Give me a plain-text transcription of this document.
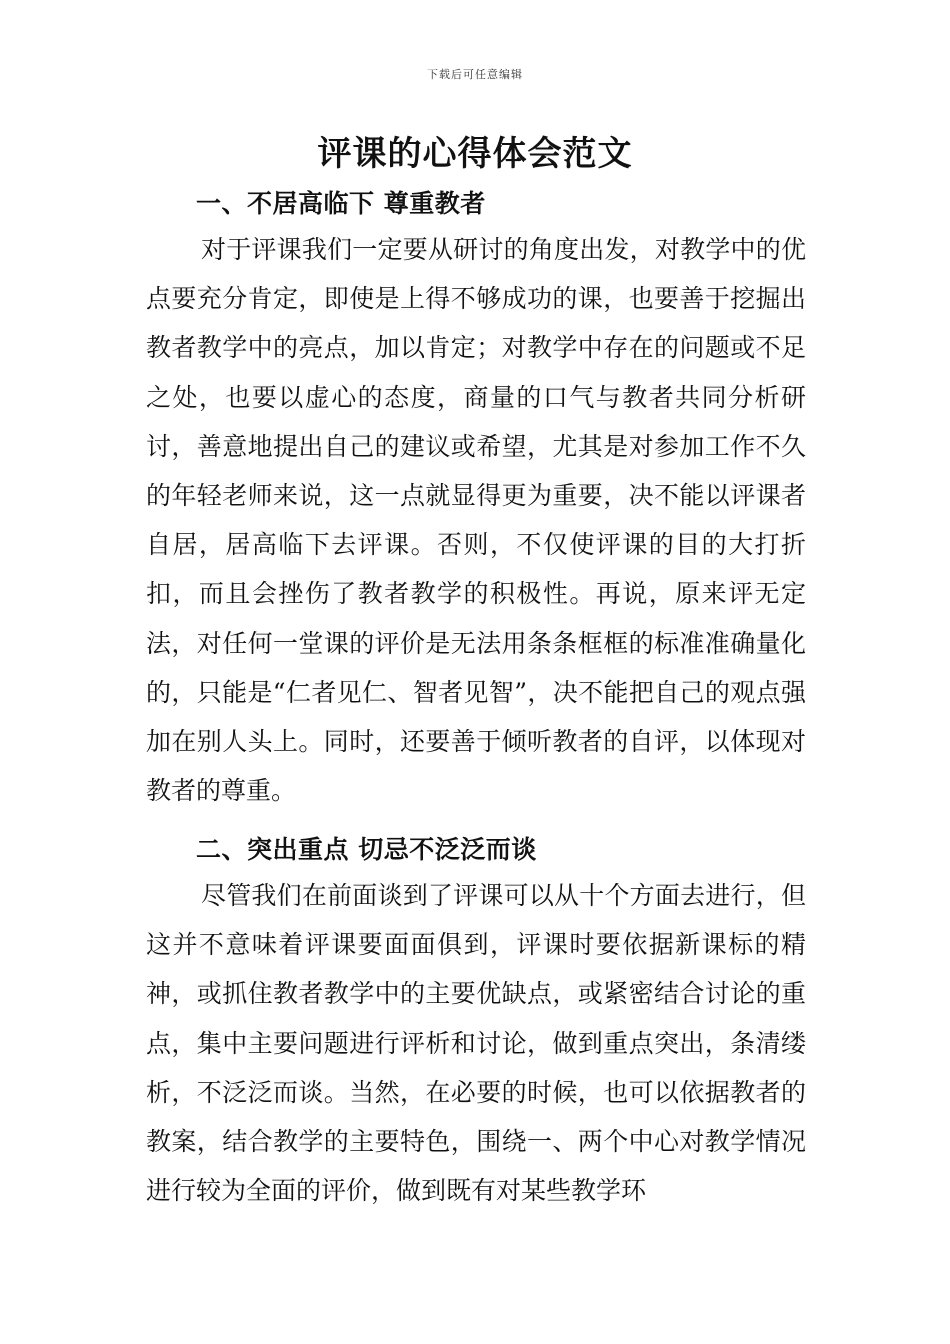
下载后可任意编辑
评课的心得体会范文
一、不居高临下 尊重教者

对于评课我们一定要从研讨的角度出发，对教学中的优点要充分肯定，即使是上得不够成功的课，也要善于挖掘出教者教学中的亮点，加以肯定；对教学中存在的问题或不足之处，也要以虚心的态度，商量的口气与教者共同分析研讨，善意地提出自己的建议或希望，尤其是对参加工作不久的年轻老师来说，这一点就显得更为重要，决不能以评课者自居，居高临下去评课。否则，不仅使评课的目的大打折扣，而且会挫伤了教者教学的积极性。再说，原来评无定法，对任何一堂课的评价是无法用条条框框的标准准确量化的，只能是“仁者见仁、智者见智”，决不能把自己的观点强加在别人头上。同时，还要善于倾听教者的自评，以体现对教者的尊重。

二、突出重点 切忌不泛泛而谈

尽管我们在前面谈到了评课可以从十个方面去进行，但这并不意味着评课要面面俱到，评课时要依据新课标的精神，或抓住教者教学中的主要优缺点，或紧密结合讨论的重点，集中主要问题进行评析和讨论，做到重点突出，条清缕析，不泛泛而谈。当然，在必要的时候，也可以依据教者的教案，结合教学的主要特色，围绕一、两个中心对教学情况进行较为全面的评价，做到既有对某些教学环
